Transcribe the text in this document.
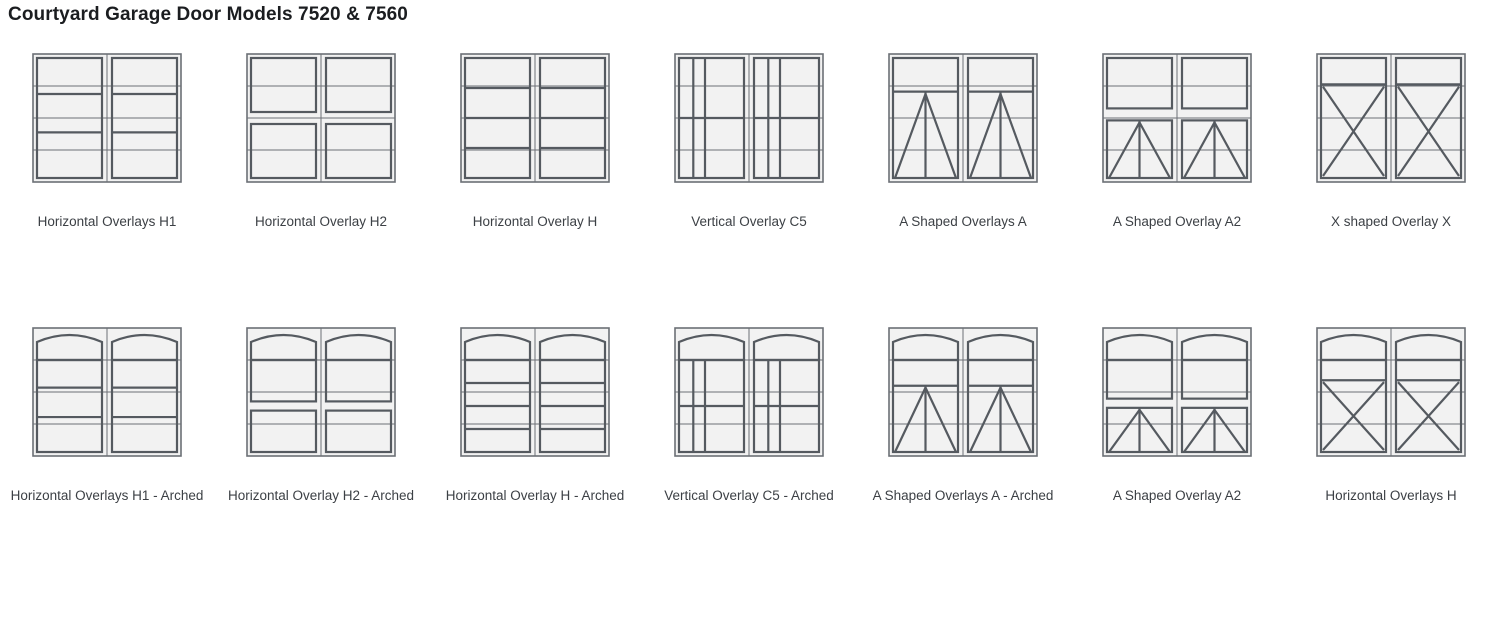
Courtyard Garage Door Models 7520 & 7560
Horizontal Overlays H1	Horizontal Overlay H2	Horizontal Overlay H	Vertical Overlay C5	A Shaped Overlays A	A Shaped Overlay A2	X shaped Overlay X
Horizontal Overlays H1 - Arched	Horizontal Overlay H2 - Arched	Horizontal Overlay H - Arched	Vertical Overlay C5 - Arched	A Shaped Overlays A - Arched	A Shaped Overlay A2	Horizontal Overlays H
